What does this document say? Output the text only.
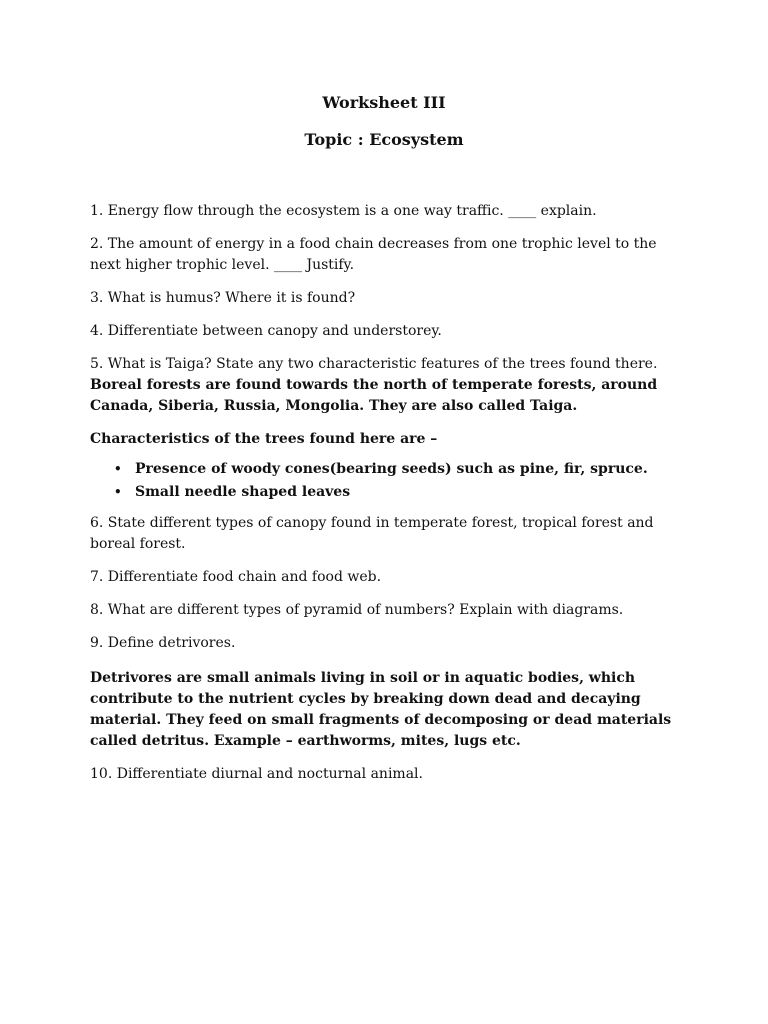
Worksheet III
Topic : Ecosystem

1. Energy flow through the ecosystem is a one way traffic. ____ explain.

2. The amount of energy in a food chain decreases from one trophic level to the next higher trophic level. ____ Justify.

3. What is humus? Where it is found?

4. Differentiate between canopy and understorey.

5. What is Taiga? State any two characteristic features of the trees found there.

Boreal forests are found towards the north of temperate forests, around Canada, Siberia, Russia, Mongolia. They are also called Taiga.

Characteristics of the trees found here are –

• Presence of woody cones(bearing seeds) such as pine, fir, spruce.
• Small needle shaped leaves

6. State different types of canopy found in temperate forest, tropical forest and boreal forest.

7. Differentiate food chain and food web.

8. What are different types of pyramid of numbers? Explain with diagrams.

9. Define detrivores.

Detrivores are small animals living in soil or in aquatic bodies, which contribute to the nutrient cycles by breaking down dead and decaying material. They feed on small fragments of decomposing or dead materials called detritus. Example – earthworms, mites, lugs etc.

10. Differentiate diurnal and nocturnal animal.
